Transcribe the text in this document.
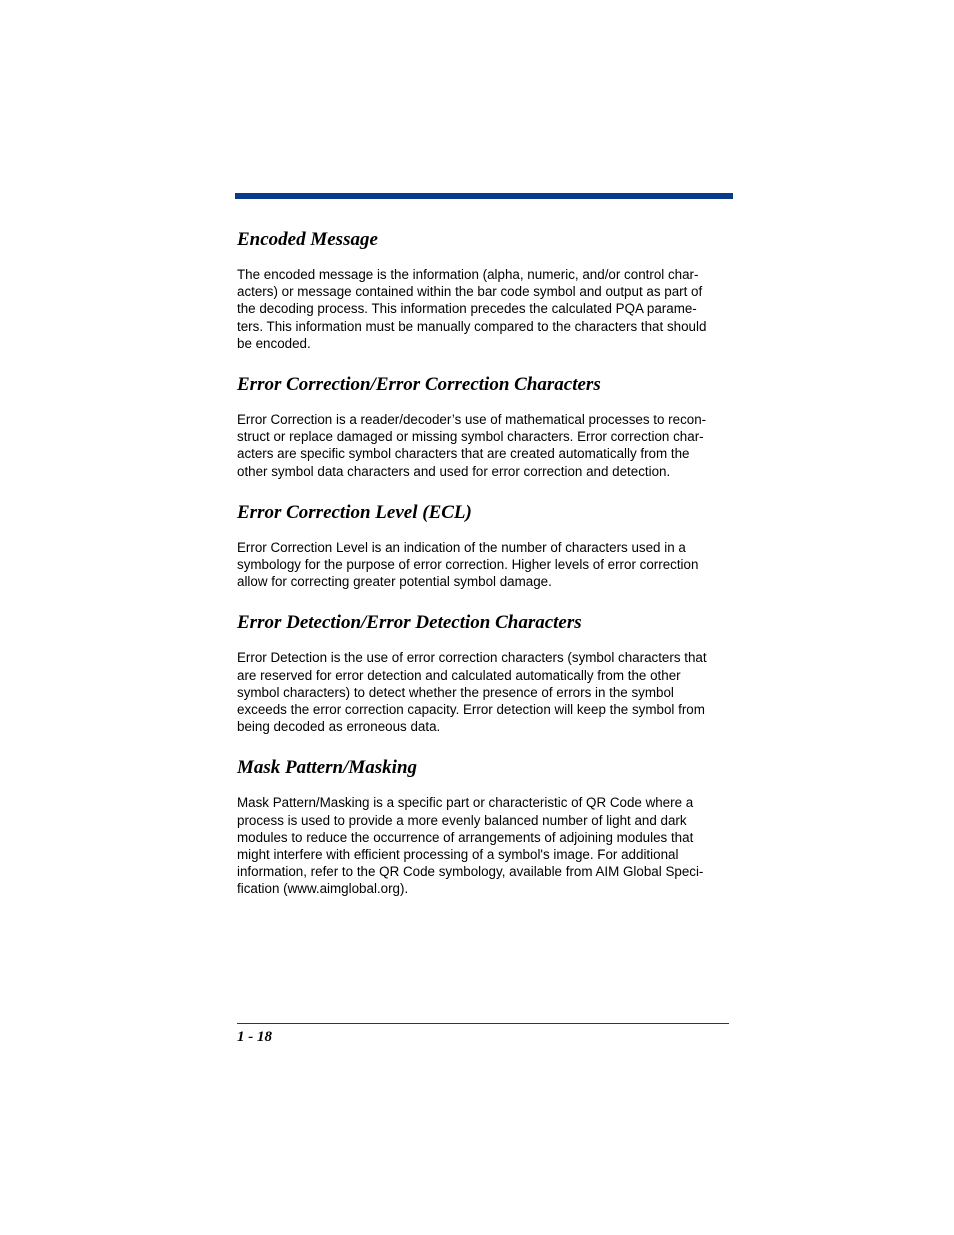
Encoded Message

The encoded message is the information (alpha, numeric, and/or control char-
acters) or message contained within the bar code symbol and output as part of
the decoding process. This information precedes the calculated PQA parame-
ters. This information must be manually compared to the characters that should
be encoded.

Error Correction/Error Correction Characters

Error Correction is a reader/decoder’s use of mathematical processes to recon-
struct or replace damaged or missing symbol characters. Error correction char-
acters are specific symbol characters that are created automatically from the
other symbol data characters and used for error correction and detection.

Error Correction Level (ECL)

Error Correction Level is an indication of the number of characters used in a
symbology for the purpose of error correction. Higher levels of error correction
allow for correcting greater potential symbol damage.

Error Detection/Error Detection Characters

Error Detection is the use of error correction characters (symbol characters that
are reserved for error detection and calculated automatically from the other
symbol characters) to detect whether the presence of errors in the symbol
exceeds the error correction capacity. Error detection will keep the symbol from
being decoded as erroneous data.

Mask Pattern/Masking

Mask Pattern/Masking is a specific part or characteristic of QR Code where a
process is used to provide a more evenly balanced number of light and dark
modules to reduce the occurrence of arrangements of adjoining modules that
might interfere with efficient processing of a symbol's image. For additional
information, refer to the QR Code symbology, available from AIM Global Speci-
fication (www.aimglobal.org).

1 - 18
